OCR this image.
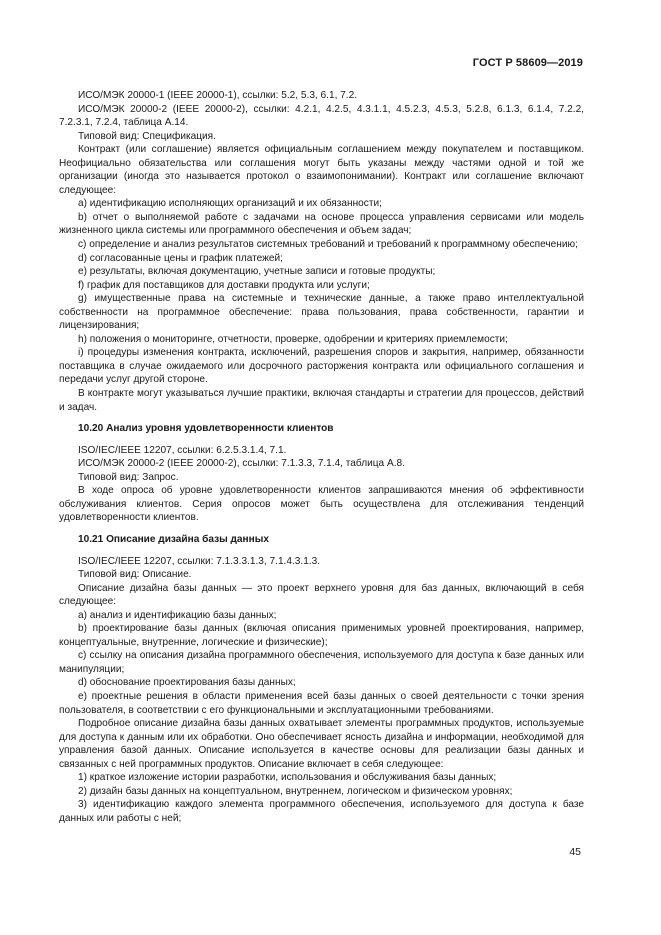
ГОСТ Р 58609—2019

ИСО/МЭК 20000-1 (IEEE 20000-1), ссылки: 5.2, 5.3, 6.1, 7.2.

ИСО/МЭК 20000-2 (IEEE 20000-2), ссылки: 4.2.1, 4.2.5, 4.3.1.1, 4.5.2.3, 4.5.3, 5.2.8, 6.1.3, 6.1.4, 7.2.2, 7.2.3.1, 7.2.4, таблица А.14.

Типовой вид: Спецификация.

Контракт (или соглашение) является официальным соглашением между покупателем и поставщиком. Неофициально обязательства или соглашения могут быть указаны между частями одной и той же организации (иногда это называется протокол о взаимопонимании). Контракт или соглашение включают следующее:

a) идентификацию исполняющих организаций и их обязанности;

b) отчет о выполняемой работе с задачами на основе процесса управления сервисами или модель жизненного цикла системы или программного обеспечения и объем задач;

c) определение и анализ результатов системных требований и требований к программному обеспечению;

d) согласованные цены и график платежей;

e) результаты, включая документацию, учетные записи и готовые продукты;

f) график для поставщиков для доставки продукта или услуги;

g) имущественные права на системные и технические данные, а также право интеллектуальной собственности на программное обеспечение: права пользования, права собственности, гарантии и лицензирования;

h) положения о мониторинге, отчетности, проверке, одобрении и критериях приемлемости;

i) процедуры изменения контракта, исключений, разрешения споров и закрытия, например, обязанности поставщика в случае ожидаемого или досрочного расторжения контракта или официального соглашения и передачи услуг другой стороне.

В контракте могут указываться лучшие практики, включая стандарты и стратегии для процессов, действий и задач.

10.20 Анализ уровня удовлетворенности клиентов

ISO/IEC/IEEE 12207, ссылки: 6.2.5.3.1.4, 7.1.

ИСО/МЭК 20000-2 (IEEE 20000-2), ссылки: 7.1.3.3, 7.1.4, таблица А.8.

Типовой вид: Запрос.

В ходе опроса об уровне удовлетворенности клиентов запрашиваются мнения об эффективности обслуживания клиентов. Серия опросов может быть осуществлена для отслеживания тенденций удовлетворенности клиентов.

10.21 Описание дизайна базы данных

ISO/IEC/IEEE 12207, ссылки: 7.1.3.3.1.3, 7.1.4.3.1.3.

Типовой вид: Описание.

Описание дизайна базы данных — это проект верхнего уровня для баз данных, включающий в себя следующее:

a) анализ и идентификацию базы данных;

b) проектирование базы данных (включая описания применимых уровней проектирования, например, концептуальные, внутренние, логические и физические);

c) ссылку на описания дизайна программного обеспечения, используемого для доступа к базе данных или манипуляции;

d) обоснование проектирования базы данных;

e) проектные решения в области применения всей базы данных о своей деятельности с точки зрения пользователя, в соответствии с его функциональными и эксплуатационными требованиями.

Подробное описание дизайна базы данных охватывает элементы программных продуктов, используемые для доступа к данным или их обработки. Оно обеспечивает ясность дизайна и информации, необходимой для управления базой данных. Описание используется в качестве основы для реализации базы данных и связанных с ней программных продуктов. Описание включает в себя следующее:

1) краткое изложение истории разработки, использования и обслуживания базы данных;

2) дизайн базы данных на концептуальном, внутреннем, логическом и физическом уровнях;

3) идентификацию каждого элемента программного обеспечения, используемого для доступа к базе данных или работы с ней;

45
